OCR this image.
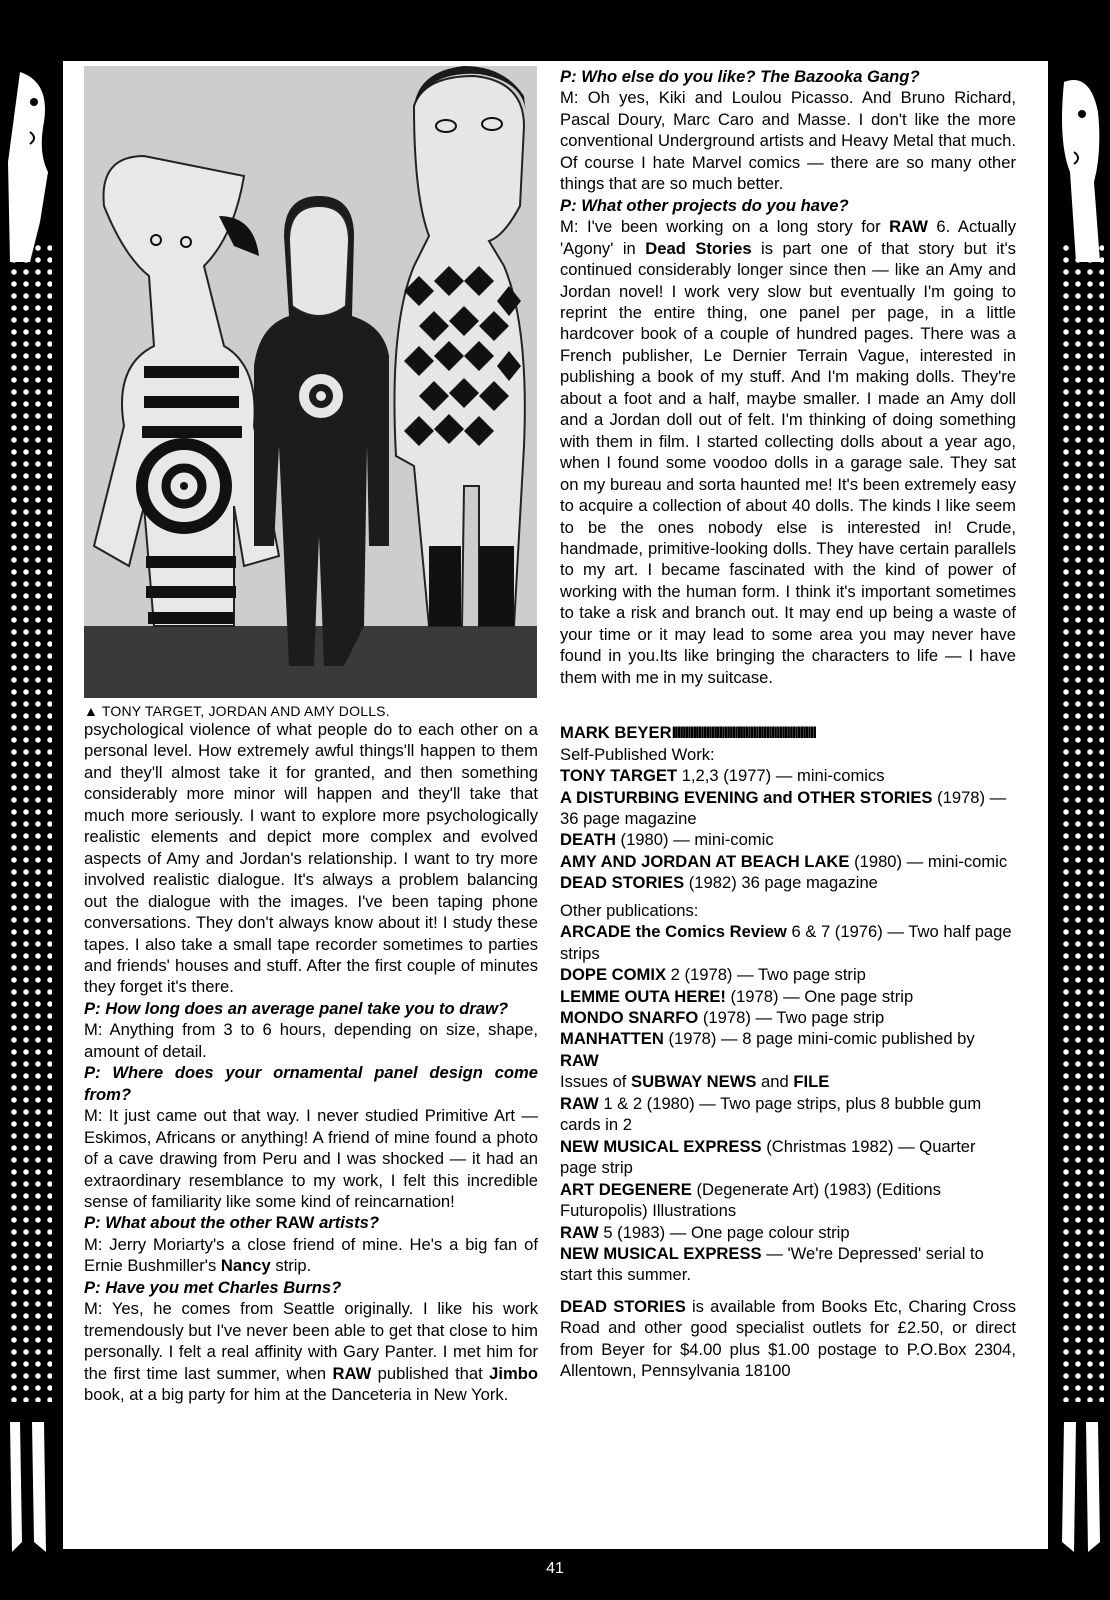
▲ TONY TARGET, JORDAN AND AMY DOLLS.

psychological violence of what people do to each other on a personal level. How extremely awful things'll happen to them and they'll almost take it for granted, and then something considerably more minor will happen and they'll take that much more seriously. I want to explore more psychologically realistic elements and depict more complex and evolved aspects of Amy and Jordan's relationship. I want to try more involved realistic dialogue. It's always a problem balancing out the dialogue with the images. I've been taping phone conversations. They don't always know about it! I study these tapes. I also take a small tape recorder sometimes to parties and friends' houses and stuff. After the first couple of minutes they forget it's there.

P: How long does an average panel take you to draw?

M: Anything from 3 to 6 hours, depending on size, shape, amount of detail.

P: Where does your ornamental panel design come from?

M: It just came out that way. I never studied Primitive Art — Eskimos, Africans or anything! A friend of mine found a photo of a cave drawing from Peru and I was shocked — it had an extraordinary resemblance to my work, I felt this incredible sense of familiarity like some kind of reincarnation!

P: What about the other RAW artists?

M: Jerry Moriarty's a close friend of mine. He's a big fan of Ernie Bushmiller's Nancy strip.

P: Have you met Charles Burns?

M: Yes, he comes from Seattle originally. I like his work tremendously but I've never been able to get that close to him personally. I felt a real affinity with Gary Panter. I met him for the first time last summer, when RAW published that Jimbo book, at a big party for him at the Danceteria in New York.

P: Who else do you like? The Bazooka Gang?

M: Oh yes, Kiki and Loulou Picasso. And Bruno Richard, Pascal Doury, Marc Caro and Masse. I don't like the more conventional Underground artists and Heavy Metal that much. Of course I hate Marvel comics — there are so many other things that are so much better.

P: What other projects do you have?

M: I've been working on a long story for RAW 6. Actually 'Agony' in Dead Stories is part one of that story but it's continued considerably longer since then — like an Amy and Jordan novel! I work very slow but eventually I'm going to reprint the entire thing, one panel per page, in a little hardcover book of a couple of hundred pages. There was a French publisher, Le Dernier Terrain Vague, interested in publishing a book of my stuff. And I'm making dolls. They're about a foot and a half, maybe smaller. I made an Amy doll and a Jordan doll out of felt. I'm thinking of doing something with them in film. I started collecting dolls about a year ago, when I found some voodoo dolls in a garage sale. They sat on my bureau and sorta haunted me! It's been extremely easy to acquire a collection of about 40 dolls. The kinds I like seem to be the ones nobody else is interested in! Crude, handmade, primitive-looking dolls. They have certain parallels to my art. I became fascinated with the kind of power of working with the human form. I think it's important sometimes to take a risk and branch out. It may end up being a waste of your time or it may lead to some area you may never have found in you.Its like bringing the characters to life — I have them with me in my suitcase.

MARK BEYERIIIIIIIIIIIIIIIIIIIIIIIIIIIIIIIIIIIIIIIIIIIIIIIIIIIIIII

Self-Published Work:

TONY TARGET 1,2,3 (1977) — mini-comics

A DISTURBING EVENING and OTHER STORIES (1978) — 36 page magazine

DEATH (1980) — mini-comic

AMY AND JORDAN AT BEACH LAKE (1980) — mini-comic

DEAD STORIES (1982) 36 page magazine

Other publications:

ARCADE the Comics Review 6 & 7 (1976) — Two half page strips

DOPE COMIX 2 (1978) — Two page strip

LEMME OUTA HERE! (1978) — One page strip

MONDO SNARFO (1978) — Two page strip

MANHATTEN (1978) — 8 page mini-comic published by RAW

Issues of SUBWAY NEWS and FILE

RAW 1 & 2 (1980) — Two page strips, plus 8 bubble gum cards in 2

NEW MUSICAL EXPRESS (Christmas 1982) — Quarter page strip

ART DEGENERE (Degenerate Art) (1983) (Editions Futuropolis) Illustrations

RAW 5 (1983) — One page colour strip

NEW MUSICAL EXPRESS — 'We're Depressed' serial to start this summer.

DEAD STORIES is available from Books Etc, Charing Cross Road and other good specialist outlets for £2.50, or direct from Beyer for $4.00 plus $1.00 postage to P.O.Box 2304, Allentown, Pennsylvania 18100

41
